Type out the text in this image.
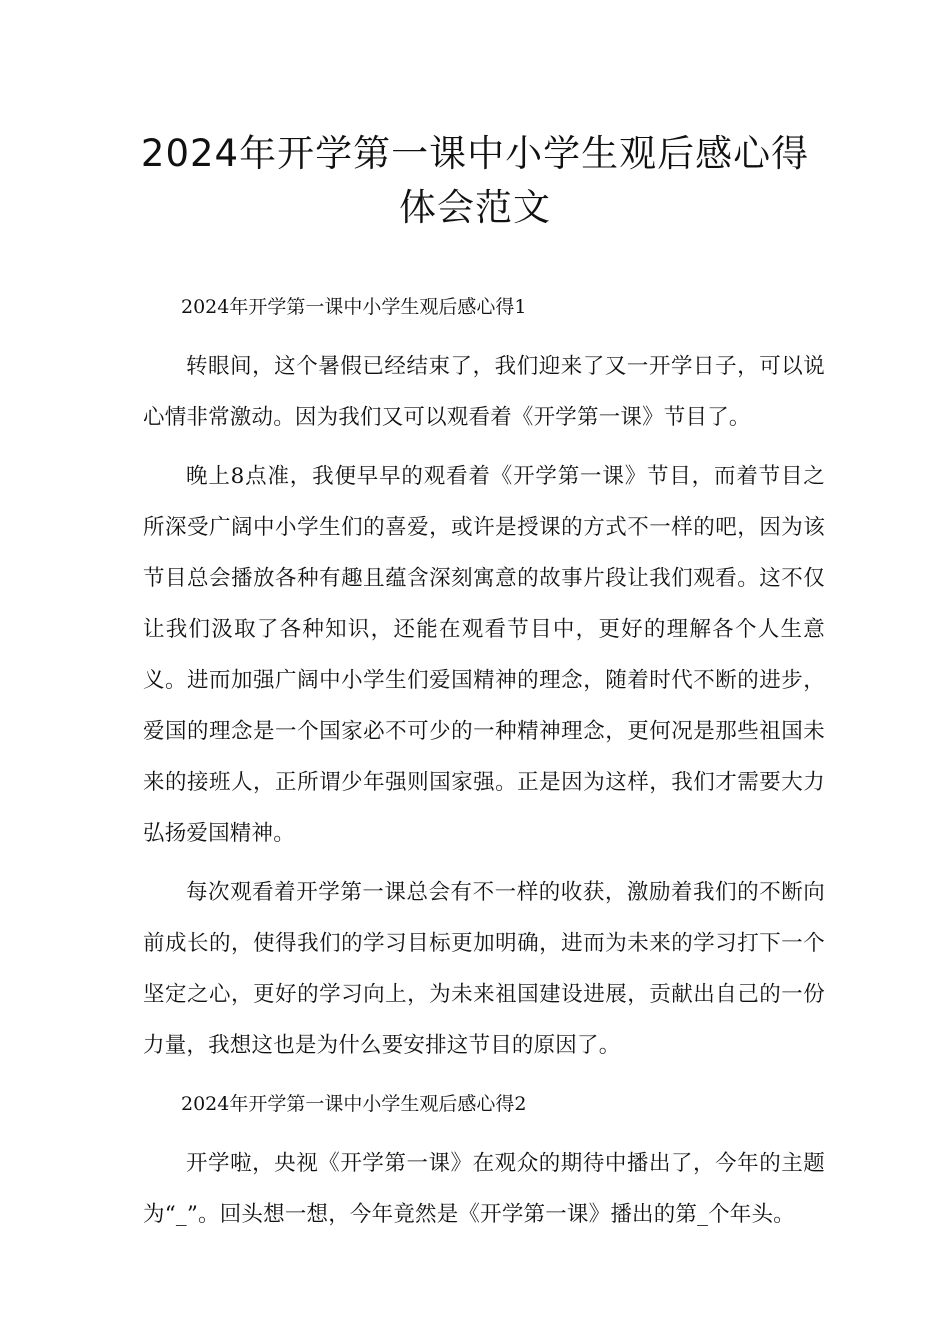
2024年开学第一课中小学生观后感心得
体会范文

2024年开学第一课中小学生观后感心得1

转眼间，这个暑假已经结束了，我们迎来了又一开学日子，可以说心情非常激动。因为我们又可以观看着《开学第一课》节目了。

晚上8点准，我便早早的观看着《开学第一课》节目，而着节目之所深受广阔中小学生们的喜爱，或许是授课的方式不一样的吧，因为该节目总会播放各种有趣且蕴含深刻寓意的故事片段让我们观看。这不仅让我们汲取了各种知识，还能在观看节目中，更好的理解各个人生意义。进而加强广阔中小学生们爱国精神的理念，随着时代不断的进步，爱国的理念是一个国家必不可少的一种精神理念，更何况是那些祖国未来的接班人，正所谓少年强则国家强。正是因为这样，我们才需要大力弘扬爱国精神。

每次观看着开学第一课总会有不一样的收获，激励着我们的不断向前成长的，使得我们的学习目标更加明确，进而为未来的学习打下一个坚定之心，更好的学习向上，为未来祖国建设进展，贡献出自己的一份力量，我想这也是为什么要安排这节目的原因了。

2024年开学第一课中小学生观后感心得2

开学啦，央视《开学第一课》在观众的期待中播出了，今年的主题为“_”。回头想一想，今年竟然是《开学第一课》播出的第_个年头。
